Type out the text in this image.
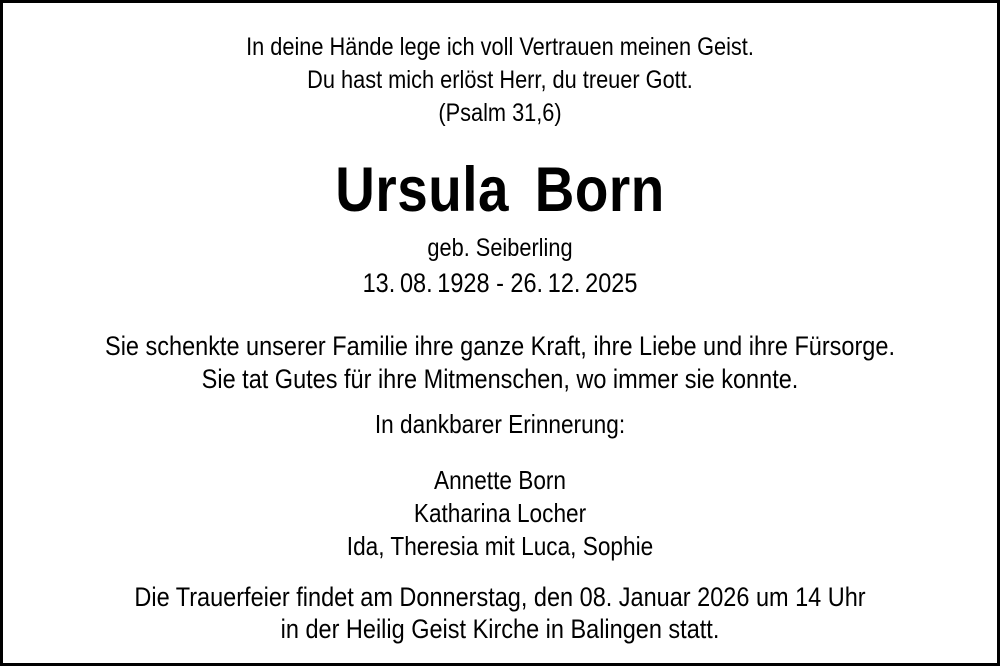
In deine Hände lege ich voll Vertrauen meinen Geist.
Du hast mich erlöst Herr, du treuer Gott.
(Psalm 31,6)
Ursula Born
geb. Seiberling
13. 08. 1928 - 26. 12. 2025
Sie schenkte unserer Familie ihre ganze Kraft, ihre Liebe und ihre Fürsorge.
Sie tat Gutes für ihre Mitmenschen, wo immer sie konnte.
In dankbarer Erinnerung:
Annette Born
Katharina Locher
Ida, Theresia mit Luca, Sophie
Die Trauerfeier findet am Donnerstag, den 08. Januar 2026 um 14 Uhr
in der Heilig Geist Kirche in Balingen statt.
